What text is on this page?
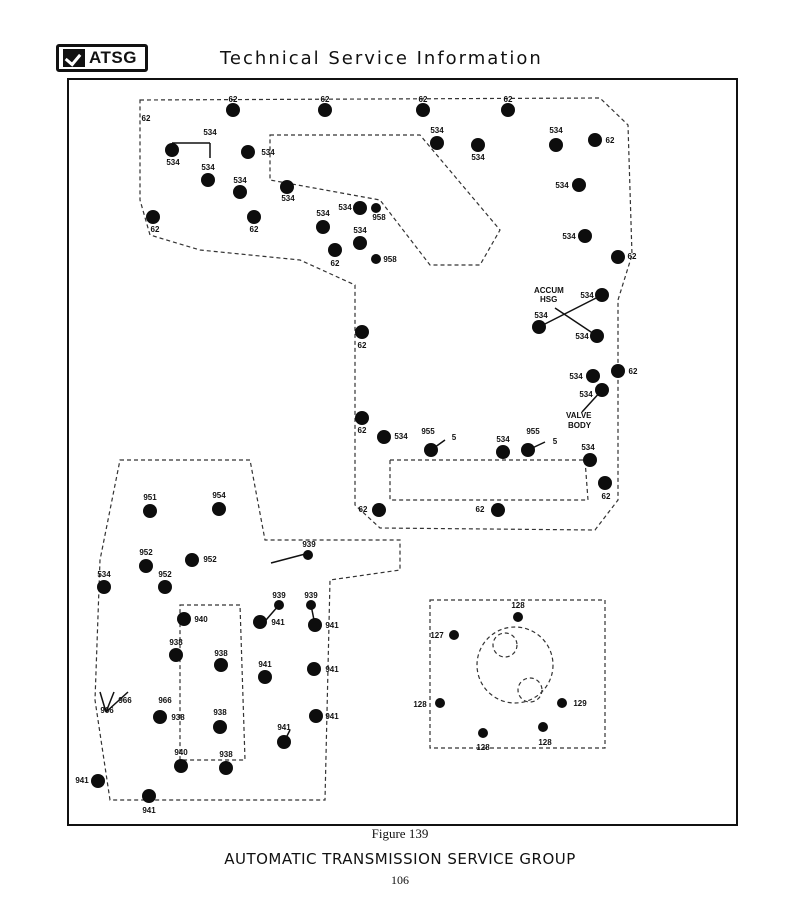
ATSG	Technical Service Information
62	62	62	62
62
534
534
534
534
534
534
62	62
534
534
958
534
958
62
534
534
534
62
534
534
62
534
534
534
62
534
62
534
62
534
955
5	534
955
5
534
62
62	62
951	954
952
952
534	952
940
938
938
938
938
940	938
941
941
939
939 939
941	941
941
941
941
941
966
966	966
127
128
128	129
128
128
ACCUM
HSG
VALVE
BODY
Figure 139
AUTOMATIC TRANSMISSION SERVICE GROUP
106
